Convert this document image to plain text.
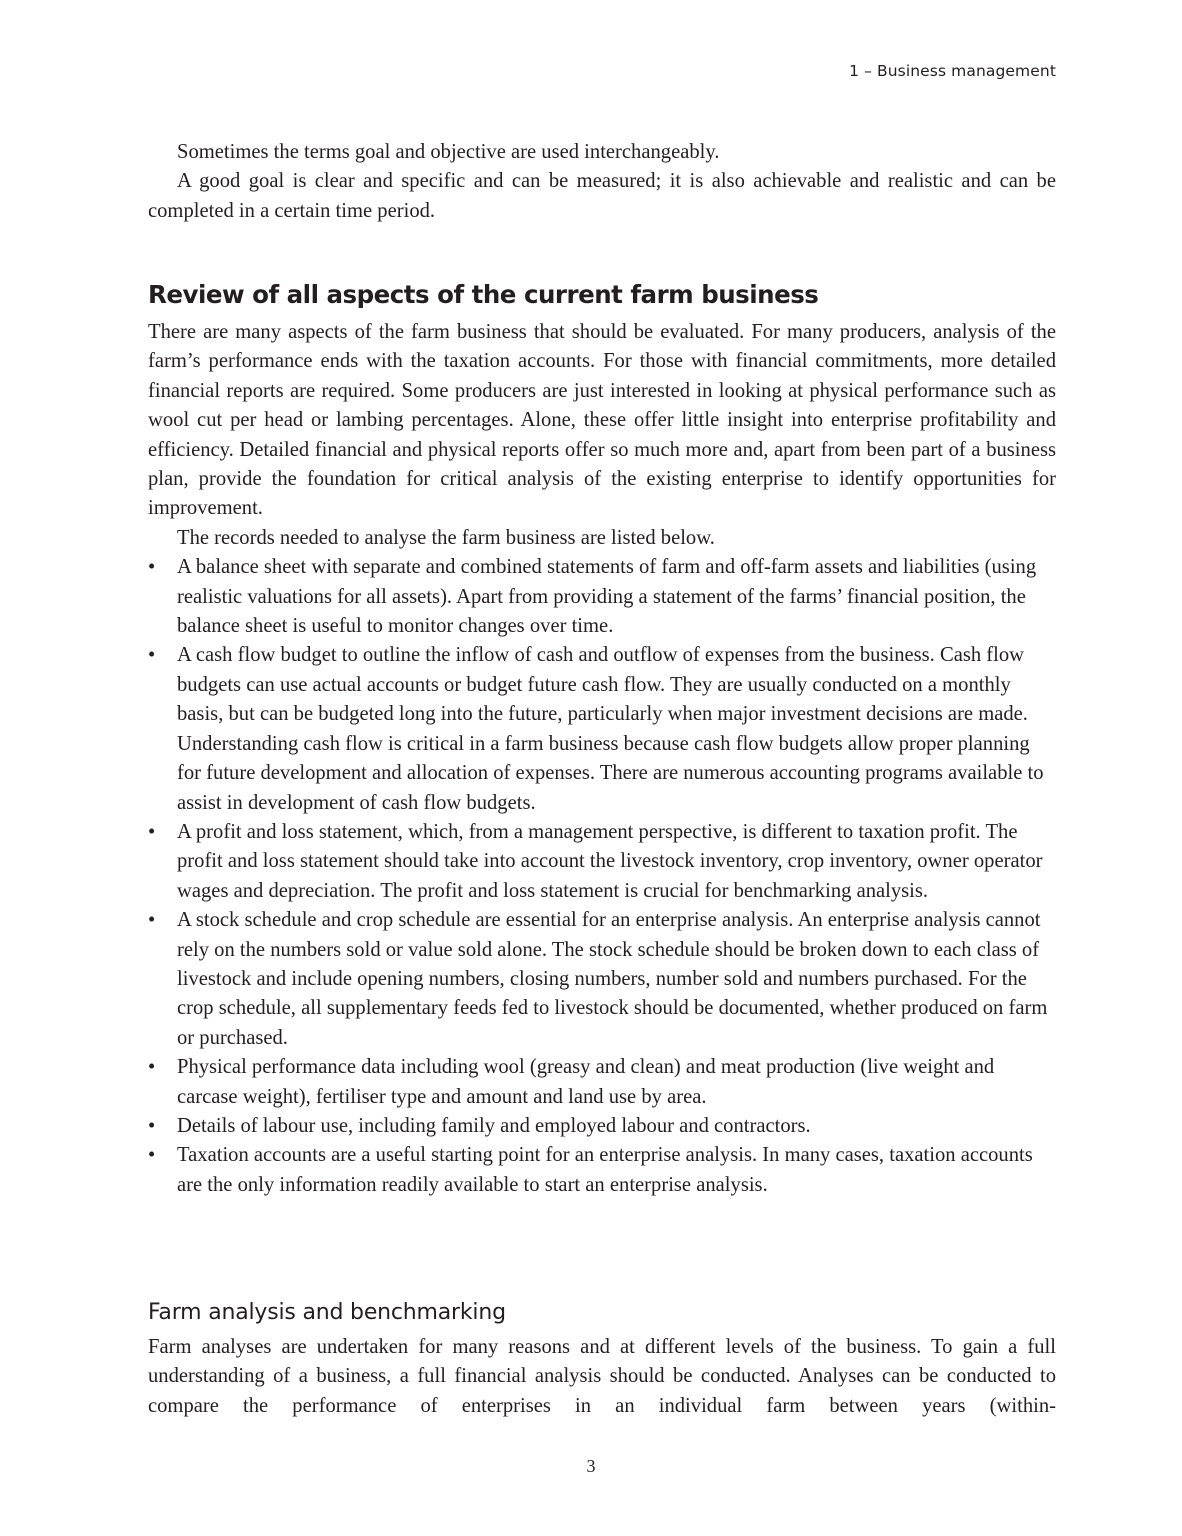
1 – Business management

Sometimes the terms goal and objective are used interchangeably.

A good goal is clear and specific and can be measured; it is also achievable and realistic and can be completed in a certain time period.

Review of all aspects of the current farm business

There are many aspects of the farm business that should be evaluated. For many producers, analysis of the farm’s performance ends with the taxation accounts. For those with financial commitments, more detailed financial reports are required. Some producers are just interested in looking at physical performance such as wool cut per head or lambing percentages. Alone, these offer little insight into enterprise profitability and efficiency. Detailed financial and physical reports offer so much more and, apart from been part of a business plan, provide the foundation for critical analysis of the existing enterprise to identify opportunities for improvement.

The records needed to analyse the farm business are listed below.

• A balance sheet with separate and combined statements of farm and off-farm assets and liabilities (using realistic valuations for all assets). Apart from providing a statement of the farms’ financial position, the balance sheet is useful to monitor changes over time.
• A cash flow budget to outline the inflow of cash and outflow of expenses from the business. Cash flow budgets can use actual accounts or budget future cash flow. They are usually conducted on a monthly basis, but can be budgeted long into the future, particularly when major investment decisions are made. Understanding cash flow is critical in a farm business because cash flow budgets allow proper planning for future development and allocation of expenses. There are numerous accounting programs available to assist in development of cash flow budgets.
• A profit and loss statement, which, from a management perspective, is different to taxation profit. The profit and loss statement should take into account the livestock inventory, crop inventory, owner operator wages and depreciation. The profit and loss statement is crucial for benchmarking analysis.
• A stock schedule and crop schedule are essential for an enterprise analysis. An enterprise analysis cannot rely on the numbers sold or value sold alone. The stock schedule should be broken down to each class of livestock and include opening numbers, closing numbers, number sold and numbers purchased. For the crop schedule, all supplementary feeds fed to livestock should be documented, whether produced on farm or purchased.
• Physical performance data including wool (greasy and clean) and meat production (live weight and carcase weight), fertiliser type and amount and land use by area.
• Details of labour use, including family and employed labour and contractors.
• Taxation accounts are a useful starting point for an enterprise analysis. In many cases, taxation accounts are the only information readily available to start an enterprise analysis.
Farm analysis and benchmarking

Farm analyses are undertaken for many reasons and at different levels of the business. To gain a full understanding of a business, a full financial analysis should be conducted. Analyses can be conducted to compare the performance of enterprises in an individual farm between years (within-

3
